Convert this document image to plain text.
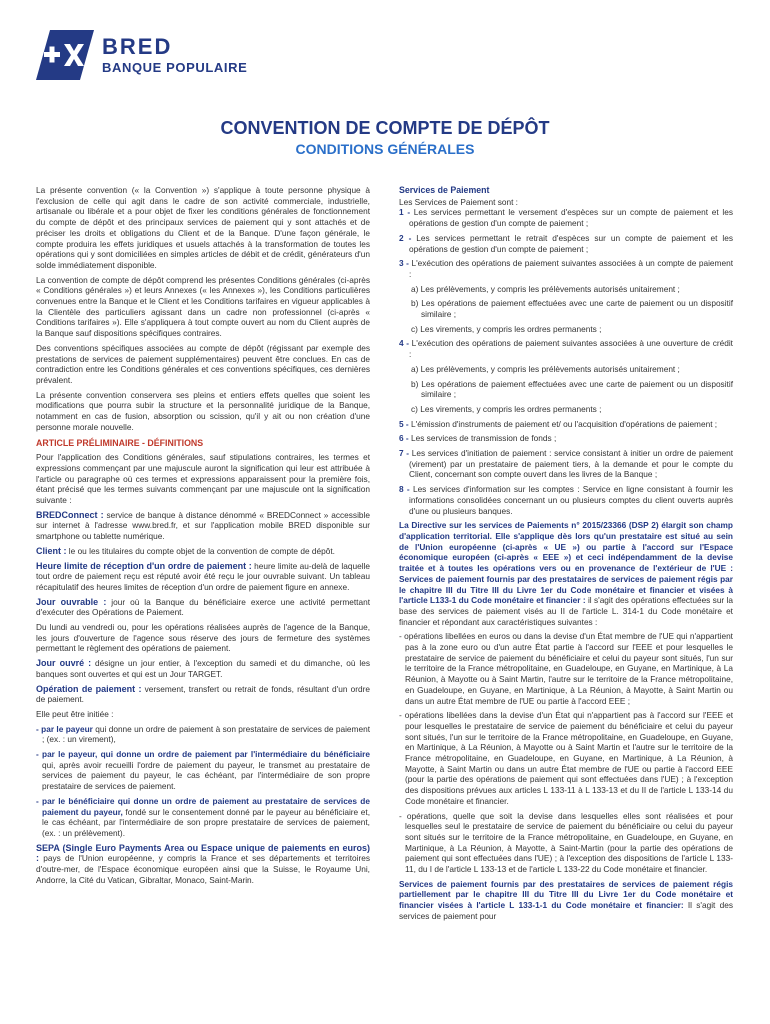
BRED
BANQUE POPULAIRE
CONVENTION DE COMPTE DE DÉPÔT
CONDITIONS GÉNÉRALES

La présente convention (« la Convention ») s'applique à toute personne physique à l'exclusion de celle qui agit dans le cadre de son activité commerciale, industrielle, artisanale ou libérale et a pour objet de fixer les conditions générales de fonctionnement du compte de dépôt et des principaux services de paiement qui y sont attachés et de préciser les droits et obligations du Client et de la Banque. D'une façon générale, le compte produira les effets juridiques et usuels attachés à la transformation de toutes les opérations qui y sont domiciliées en simples articles de débit et de crédit, générateurs d'un solde immédiatement disponible.

La convention de compte de dépôt comprend les présentes Conditions générales (ci-après « Conditions générales ») et leurs Annexes (« les Annexes »), les Conditions particulières convenues entre la Banque et le Client et les Conditions tarifaires en vigueur applicables à la Clientèle des particuliers agissant dans un cadre non professionnel (ci-après « Conditions tarifaires »). Elle s'appliquera à tout compte ouvert au nom du Client auprès de la Banque sauf dispositions spécifiques contraires.

Des conventions spécifiques associées au compte de dépôt (régissant par exemple des prestations de services de paiement supplémentaires) peuvent être conclues. En cas de contradiction entre les Conditions générales et ces conventions spécifiques, ces dernières prévalent.

La présente convention conservera ses pleins et entiers effets quelles que soient les modifications que pourra subir la structure et la personnalité juridique de la Banque, notamment en cas de fusion, absorption ou scission, qu'il y ait ou non création d'une personne morale nouvelle.

ARTICLE PRÉLIMINAIRE - DÉFINITIONS

Pour l'application des Conditions générales, sauf stipulations contraires, les termes et expressions commençant par une majuscule auront la signification qui leur est attribuée à l'article ou paragraphe où ces termes et expressions apparaissent pour la première fois, étant précisé que les termes suivants commençant par une majuscule ont la signification suivante :

BREDConnect : service de banque à distance dénommé « BREDConnect » accessible sur internet à l'adresse www.bred.fr, et sur l'application mobile BRED disponible sur smartphone ou tablette numérique.

Client : le ou les titulaires du compte objet de la convention de compte de dépôt.

Heure limite de réception d'un ordre de paiement : heure limite au-delà de laquelle tout ordre de paiement reçu est réputé avoir été reçu le jour ouvrable suivant. Un tableau récapitulatif des heures limites de réception d'un ordre de paiement figure en annexe.

Jour ouvrable : jour où la Banque du bénéficiaire exerce une activité permettant d'exécuter des Opérations de Paiement.

Du lundi au vendredi ou, pour les opérations réalisées auprès de l'agence de la Banque, les jours d'ouverture de l'agence sous réserve des jours de fermeture des systèmes permettant le règlement des opérations de paiement.

Jour ouvré : désigne un jour entier, à l'exception du samedi et du dimanche, où les banques sont ouvertes et qui est un Jour TARGET.

Opération de paiement : versement, transfert ou retrait de fonds, résultant d'un ordre de paiement.

Elle peut être initiée :

- par le payeur qui donne un ordre de paiement à son prestataire de services de paiement ; (ex. : un virement),

- par le payeur, qui donne un ordre de paiement par l'intermédiaire du bénéficiaire qui, après avoir recueilli l'ordre de paiement du payeur, le transmet au prestataire de services de paiement du payeur, le cas échéant, par l'intermédiaire de son propre prestataire de services de paiement.

- par le bénéficiaire qui donne un ordre de paiement au prestataire de services de paiement du payeur, fondé sur le consentement donné par le payeur au bénéficiaire et, le cas échéant, par l'intermédiaire de son propre prestataire de services de paiement, (ex. : un prélèvement).

SEPA (Single Euro Payments Area ou Espace unique de paiements en euros) : pays de l'Union européenne, y compris la France et ses départements et territoires d'outre-mer, de l'Espace économique européen ainsi que la Suisse, le Royaume Uni, Andorre, la Cité du Vatican, Gibraltar, Monaco, Saint-Marin.

Services de Paiement

Les Services de Paiement sont :

1 - Les services permettant le versement d'espèces sur un compte de paiement et les opérations de gestion d'un compte de paiement ;

2 - Les services permettant le retrait d'espèces sur un compte de paiement et les opérations de gestion d'un compte de paiement ;

3 - L'exécution des opérations de paiement suivantes associées à un compte de paiement :

a) Les prélèvements, y compris les prélèvements autorisés unitairement ;

b) Les opérations de paiement effectuées avec une carte de paiement ou un dispositif similaire ;

c) Les virements, y compris les ordres permanents ;

4 - L'exécution des opérations de paiement suivantes associées à une ouverture de crédit :

a) Les prélèvements, y compris les prélèvements autorisés unitairement ;

b) Les opérations de paiement effectuées avec une carte de paiement ou un dispositif similaire ;

c) Les virements, y compris les ordres permanents ;

5 - L'émission d'instruments de paiement et/ ou l'acquisition d'opérations de paiement ;

6 - Les services de transmission de fonds ;

7 - Les services d'initiation de paiement : service consistant à initier un ordre de paiement (virement) par un prestataire de paiement tiers, à la demande et pour le compte du Client, concernant son compte ouvert dans les livres de la Banque ;

8 - Les services d'information sur les comptes : Service en ligne consistant à fournir les informations consolidées concernant un ou plusieurs comptes du client ouverts auprès d'une ou plusieurs banques.

La Directive sur les services de Paiements n° 2015/23366 (DSP 2) élargit son champ d'application territorial. Elle s'applique dès lors qu'un prestataire est situé au sein de l'Union européenne (ci-après « UE ») ou partie à l'accord sur l'Espace économique européen (ci-après « EEE ») et ceci indépendamment de la devise traitée et à toutes les opérations vers ou en provenance de l'extérieur de l'UE : Services de paiement fournis par des prestataires de services de paiement régis par le chapitre III du Titre III du Livre 1er du Code monétaire et financier et visées à l'article L133-1 du Code monétaire et financier : il s'agit des opérations effectuées sur la base des services de paiement visés au II de l'article L. 314-1 du Code monétaire et financier et répondant aux caractéristiques suivantes :

- opérations libellées en euros ou dans la devise d'un État membre de l'UE qui n'appartient pas à la zone euro ou d'un autre État partie à l'accord sur l'EEE et pour lesquelles le prestataire de service de paiement du bénéficiaire et celui du payeur sont situés, l'un sur le territoire de la France métropolitaine, en Guadeloupe, en Guyane, en Martinique, à La Réunion, à Mayotte ou à Saint Martin, l'autre sur le territoire de la France métropolitaine, en Guadeloupe, en Guyane, en Martinique, à La Réunion, à Mayotte, à Saint Martin ou dans un autre État membre de l'UE ou partie à l'accord EEE ;

- opérations libellées dans la devise d'un État qui n'appartient pas à l'accord sur l'EEE et pour lesquelles le prestataire de service de paiement du bénéficiaire et celui du payeur sont situés, l'un sur le territoire de la France métropolitaine, en Guadeloupe, en Guyane, en Martinique, à La Réunion, à Mayotte ou à Saint Martin et l'autre sur le territoire de la France métropolitaine, en Guadeloupe, en Guyane, en Martinique, à La Réunion, à Mayotte, à Saint Martin ou dans un autre État membre de l'UE ou partie à l'accord EEE (pour la partie des opérations de paiement qui sont effectuées dans l'UE) ; à l'exception des dispositions prévues aux articles L 133-11 à L 133-13 et du II de l'article L 133-14 du Code monétaire et financier.

- opérations, quelle que soit la devise dans lesquelles elles sont réalisées et pour lesquelles seul le prestataire de service de paiement du bénéficiaire ou celui du payeur sont situés sur le territoire de la France métropolitaine, en Guadeloupe, en Guyane, en Martinique, à La Réunion, à Mayotte, à Saint-Martin (pour la partie des opérations de paiement qui sont effectuées dans l'UE) ; à l'exception des dispositions de l'article L 133-11, du I de l'article L 133-13 et de l'article L 133-22 du Code monétaire et financier.

Services de paiement fournis par des prestataires de services de paiement régis partiellement par le chapitre III du Titre III du Livre 1er du Code monétaire et financier visées à l'article L 133-1-1 du Code monétaire et financier: Il s'agit des services de paiement pour
